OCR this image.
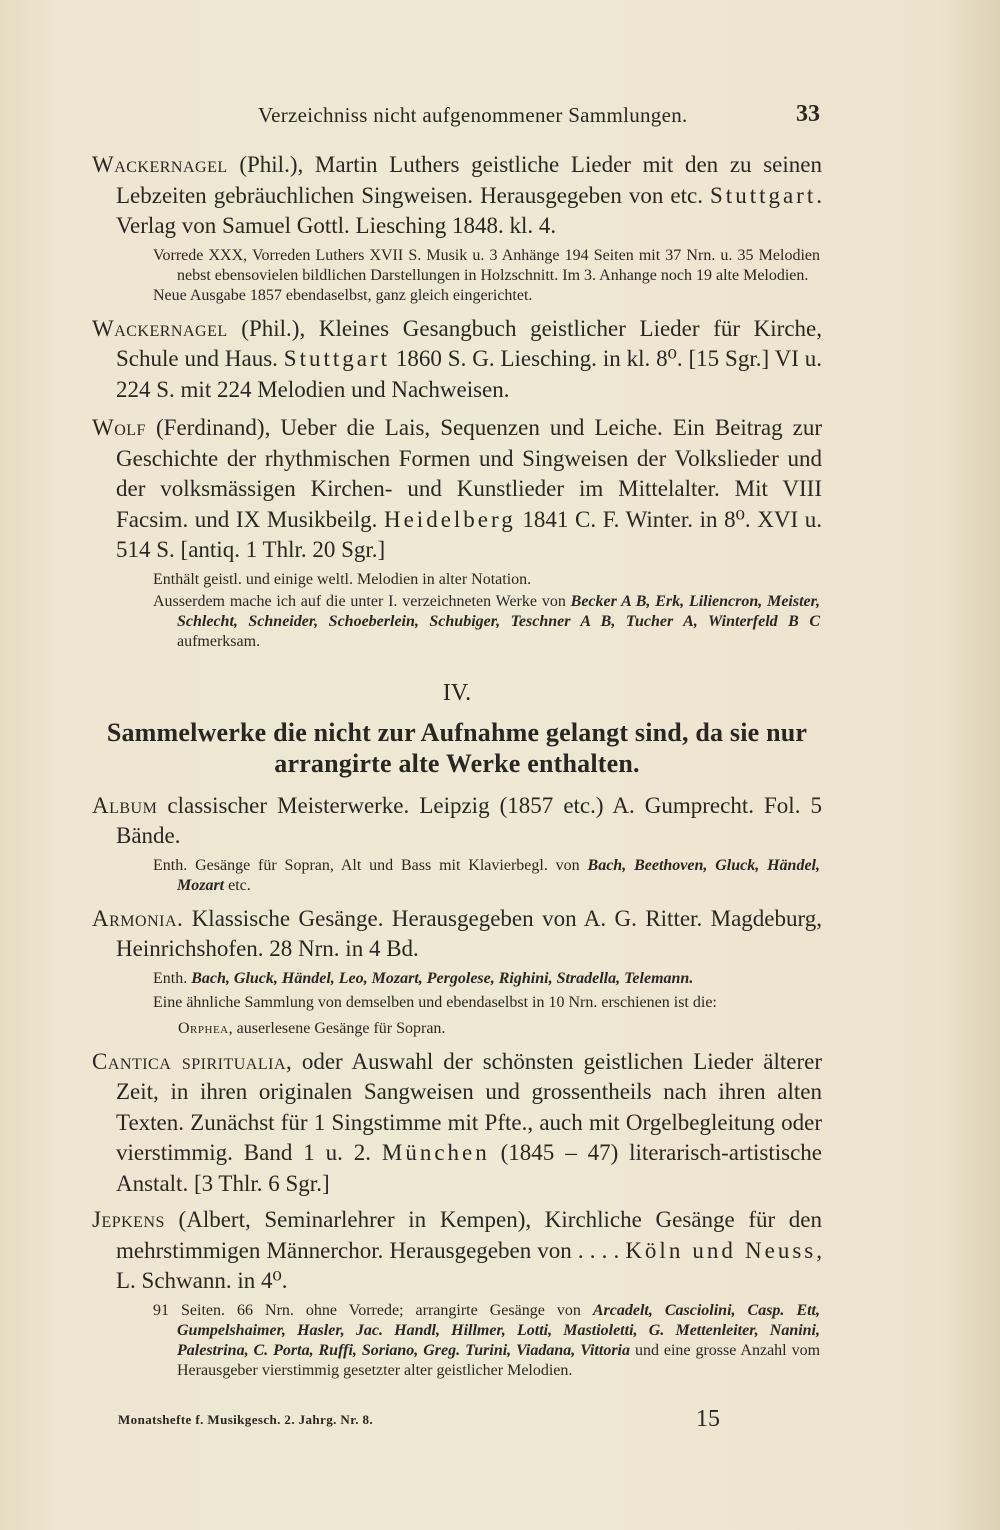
Verzeichniss nicht aufgenommener Sammlungen.	33
Wackernagel (Phil.), Martin Luthers geistliche Lieder mit den zu seinen Lebzeiten gebräuchlichen Singweisen. Herausgegeben von etc. Stuttgart. Verlag von Samuel Gottl. Liesching 1848. kl. 4.
Vorrede XXX, Vorreden Luthers XVII S. Musik u. 3 Anhänge 194 Seiten mit 37 Nrn. u. 35 Melodien nebst ebensovielen bildlichen Darstellungen in Holzschnitt. Im 3. Anhange noch 19 alte Melodien.
Neue Ausgabe 1857 ebendaselbst, ganz gleich eingerichtet.
Wackernagel (Phil.), Kleines Gesangbuch geistlicher Lieder für Kirche, Schule und Haus. Stuttgart 1860 S. G. Liesching. in kl. 8⁰. [15 Sgr.] VI u. 224 S. mit 224 Melodien und Nachweisen.
Wolf (Ferdinand), Ueber die Lais, Sequenzen und Leiche. Ein Beitrag zur Geschichte der rhythmischen Formen und Singweisen der Volkslieder und der volksmässigen Kirchen- und Kunstlieder im Mittelalter. Mit VIII Facsim. und IX Musikbeilg. Heidelberg 1841 C. F. Winter. in 8⁰. XVI u. 514 S. [antiq. 1 Thlr. 20 Sgr.]
Enthält geistl. und einige weltl. Melodien in alter Notation.
Ausserdem mache ich auf die unter I. verzeichneten Werke von Becker A B, Erk, Liliencron, Meister, Schlecht, Schneider, Schoeberlein, Schubiger, Teschner A B, Tucher A, Winterfeld B C aufmerksam.
IV.
Sammelwerke die nicht zur Aufnahme gelangt sind, da sie nur arrangirte alte Werke enthalten.
Album classischer Meisterwerke. Leipzig (1857 etc.) A. Gumprecht. Fol. 5 Bände.
Enth. Gesänge für Sopran, Alt und Bass mit Klavierbegl. von Bach, Beethoven, Gluck, Händel, Mozart etc.
Armonia. Klassische Gesänge. Herausgegeben von A. G. Ritter. Magdeburg, Heinrichshofen. 28 Nrn. in 4 Bd.
Enth. Bach, Gluck, Händel, Leo, Mozart, Pergolese, Righini, Stradella, Telemann.
Eine ähnliche Sammlung von demselben und ebendaselbst in 10 Nrn. erschienen ist die:
Orphea, auserlesene Gesänge für Sopran.
Cantica spiritualia, oder Auswahl der schönsten geistlichen Lieder älterer Zeit, in ihren originalen Sangweisen und grossentheils nach ihren alten Texten. Zunächst für 1 Singstimme mit Pfte., auch mit Orgelbegleitung oder vierstimmig. Band 1 u. 2. München (1845 – 47) literarisch-artistische Anstalt. [3 Thlr. 6 Sgr.]
Jepkens (Albert, Seminarlehrer in Kempen), Kirchliche Gesänge für den mehrstimmigen Männerchor. Herausgegeben von . . . . Köln und Neuss, L. Schwann. in 4⁰.
91 Seiten. 66 Nrn. ohne Vorrede; arrangirte Gesänge von Arcadelt, Casciolini, Casp. Ett, Gumpelshaimer, Hasler, Jac. Handl, Hillmer, Lotti, Mastioletti, G. Mettenleiter, Nanini, Palestrina, C. Porta, Ruffi, Soriano, Greg. Turini, Viadana, Vittoria und eine grosse Anzahl vom Herausgeber vierstimmig gesetzter alter geistlicher Melodien.
Monatshefte f. Musikgesch. 2. Jahrg. Nr. 8.	15
